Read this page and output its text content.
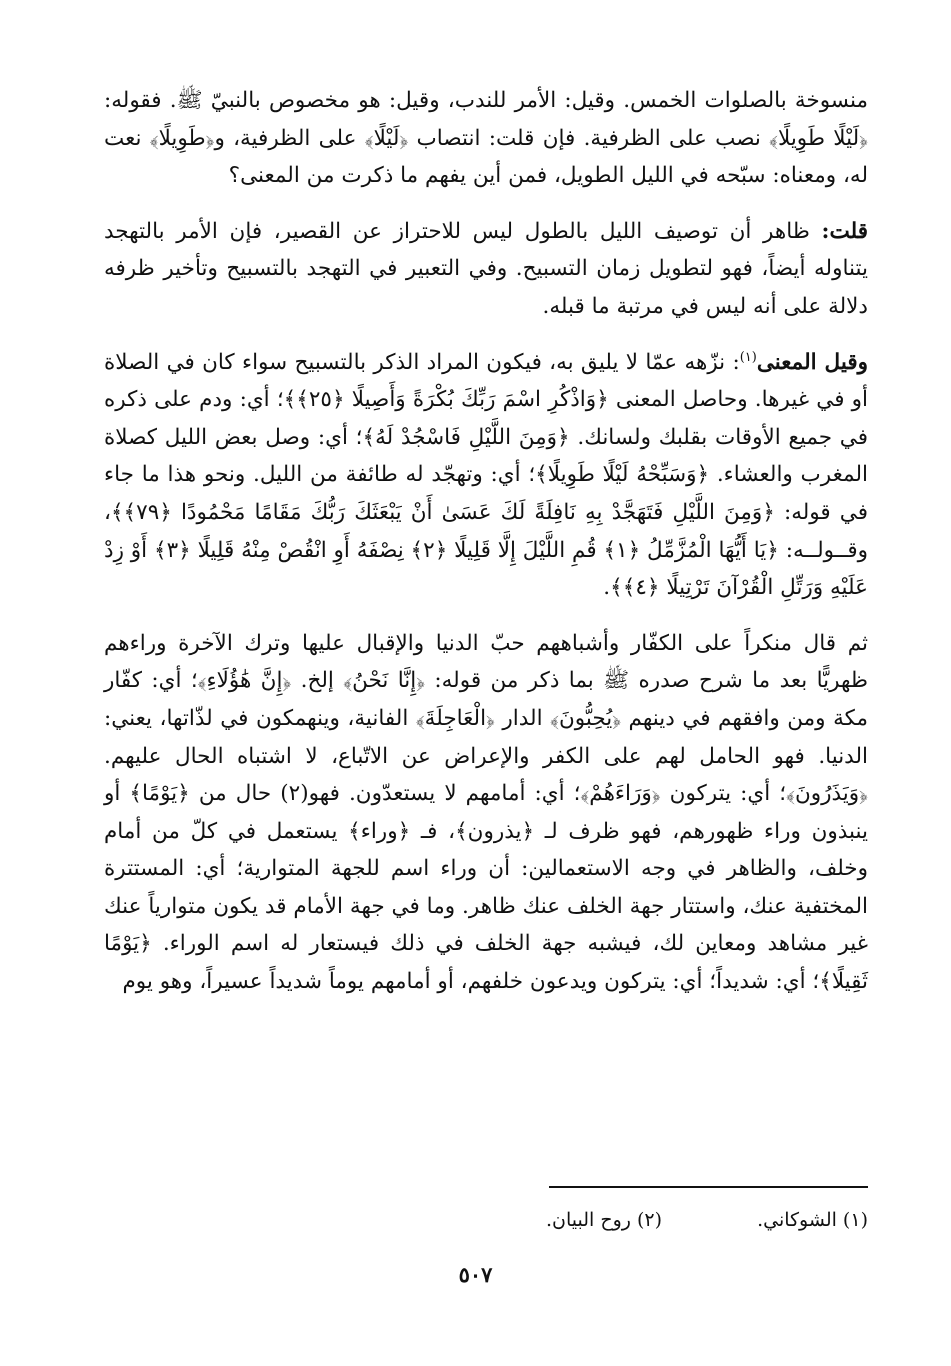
منسوخة بالصلوات الخمس. وقيل: الأمر للندب، وقيل: هو مخصوص بالنبيّ ﷺ. فقوله: ﴿لَيْلًا طَوِيلًا﴾ نصب على الظرفية. فإن قلت: انتصاب ﴿لَيْلًا﴾ على الظرفية، و﴿طَوِيلًا﴾ نعت له، ومعناه: سبّحه في الليل الطويل، فمن أين يفهم ما ذكرت من المعنى؟

قلت: ظاهر أن توصيف الليل بالطول ليس للاحتراز عن القصير، فإن الأمر بالتهجد يتناوله أيضاً، فهو لتطويل زمان التسبيح. وفي التعبير في التهجد بالتسبيح وتأخير ظرفه دلالة على أنه ليس في مرتبة ما قبله.

وقيل المعنى$^{(١)}$: نزّهه عمّا لا يليق به، فيكون المراد الذكر بالتسبيح سواء كان في الصلاة أو في غيرها. وحاصل المعنى ﴿وَاذْكُرِ اسْمَ رَبِّكَ بُكْرَةً وَأَصِيلًا ﴿٢٥﴾﴾؛ أي: ودم على ذكره في جميع الأوقات بقلبك ولسانك. ﴿وَمِنَ اللَّيْلِ فَاسْجُدْ لَهُ﴾؛ أي: وصل بعض الليل كصلاة المغرب والعشاء. ﴿وَسَبِّحْهُ لَيْلًا طَوِيلًا﴾؛ أي: وتهجّد له طائفة من الليل. ونحو هذا ما جاء في قوله: ﴿وَمِنَ اللَّيْلِ فَتَهَجَّدْ بِهِ نَافِلَةً لَكَ عَسَىٰ أَنْ يَبْعَثَكَ رَبُّكَ مَقَامًا مَحْمُودًا ﴿٧٩﴾﴾، وقــولــه: ﴿يَا أَيُّهَا الْمُزَّمِّلُ ﴿١﴾ قُمِ اللَّيْلَ إِلَّا قَلِيلًا ﴿٢﴾ نِصْفَهُ أَوِ انْقُصْ مِنْهُ قَلِيلًا ﴿٣﴾ أَوْ زِدْ عَلَيْهِ وَرَتِّلِ الْقُرْآنَ تَرْتِيلًا ﴿٤﴾﴾.

ثم قال منكراً على الكفّار وأشباههم حبّ الدنيا والإقبال عليها وترك الآخرة وراءهم ظهريًّا بعد ما شرح صدره ﷺ بما ذكر من قوله: ﴿إِنَّا نَحْنُ﴾ إلخ. ﴿إِنَّ هَٰؤُلَاءِ﴾؛ أي: كفّار مكة ومن وافقهم في دينهم ﴿يُحِبُّونَ﴾ الدار ﴿الْعَاجِلَةَ﴾ الفانية، وينهمكون في لذّاتها، يعني: الدنيا. فهو الحامل لهم على الكفر والإعراض عن الاتّباع، لا اشتباه الحال عليهم. ﴿وَيَذَرُونَ﴾؛ أي: يتركون ﴿وَرَاءَهُمْ﴾؛ أي: أمامهم لا يستعدّون. فهو(٢) حال من ﴿يَوْمًا﴾ أو ينبذون وراء ظهورهم، فهو ظرف لـ ﴿يذرون﴾، فـ ﴿وراء﴾ يستعمل في كلّ من أمام وخلف، والظاهر في وجه الاستعمالين: أن وراء اسم للجهة المتوارية؛ أي: المستترة المختفية عنك، واستتار جهة الخلف عنك ظاهر. وما في جهة الأمام قد يكون متوارياً عنك غير مشاهد ومعاين لك، فيشبه جهة الخلف في ذلك فيستعار له اسم الوراء. ﴿يَوْمًا ثَقِيلًا﴾؛ أي: شديداً؛ أي: يتركون ويدعون خلفهم، أو أمامهم يوماً شديداً عسيراً، وهو يوم

(١) الشوكاني.(٢) روح البيان.
٥٠٧
